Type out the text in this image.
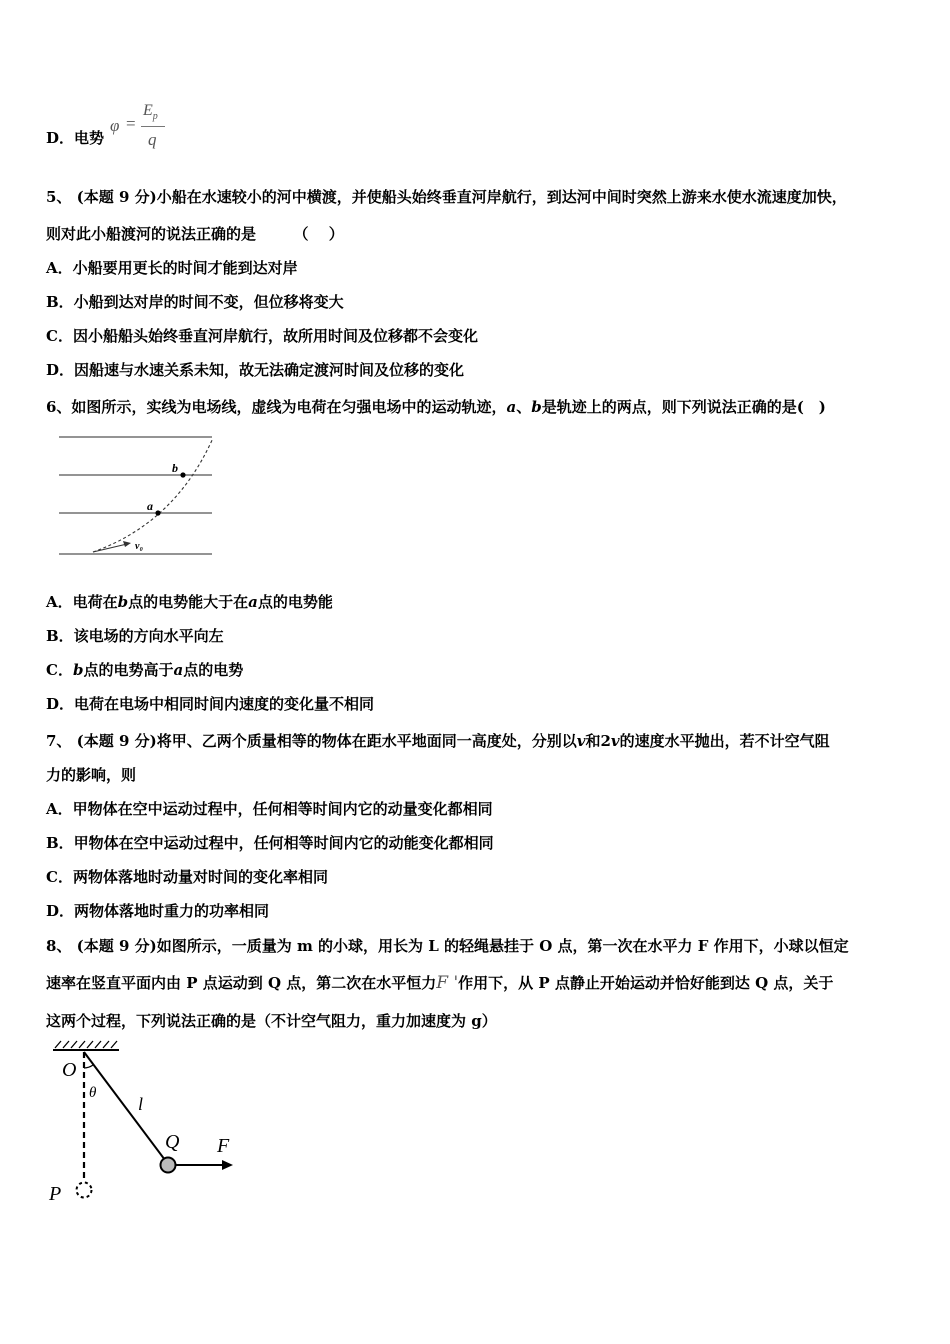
D．电势
φ =
$E_p$
q
5、 (本题 9 分)小船在水速较小的河中横渡，并使船头始终垂直河岸航行，到达河中间时突然上游来水使水流速度加快，
则对此小船渡河的说法正确的是　　　（　 ）
A．小船要用更长的时间才能到达对岸
B．小船到达对岸的时间不变，但位移将变大
C．因小船船头始终垂直河岸航行，故所用时间及位移都不会变化
D．因船速与水速关系未知，故无法确定渡河时间及位移的变化
6、如图所示，实线为电场线，虚线为电荷在匀强电场中的运动轨迹，a、b是轨迹上的两点，则下列说法正确的是(　)
b
a
v₀
A．电荷在b点的电势能大于在a点的电势能
B．该电场的方向水平向左
C．b点的电势高于a点的电势
D．电荷在电场中相同时间内速度的变化量不相同
7、 (本题 9 分)将甲、乙两个质量相等的物体在距水平地面同一高度处，分别以v和2v的速度水平抛出，若不计空气阻
力的影响，则
A．甲物体在空中运动过程中，任何相等时间内它的动量变化都相同
B．甲物体在空中运动过程中，任何相等时间内它的动能变化都相同
C．两物体落地时动量对时间的变化率相同
D．两物体落地时重力的功率相同
8、 (本题 9 分)如图所示，一质量为 m 的小球，用长为 L 的轻绳悬挂于 O 点，第一次在水平力 F 作用下，小球以恒定
速率在竖直平面内由 P 点运动到 Q 点，第二次在水平恒力F '作用下，从 P 点静止开始运动并恰好能到达 Q 点，关于
这两个过程，下列说法正确的是（不计空气阻力，重力加速度为 g）
O
θ
l
Q F
P
